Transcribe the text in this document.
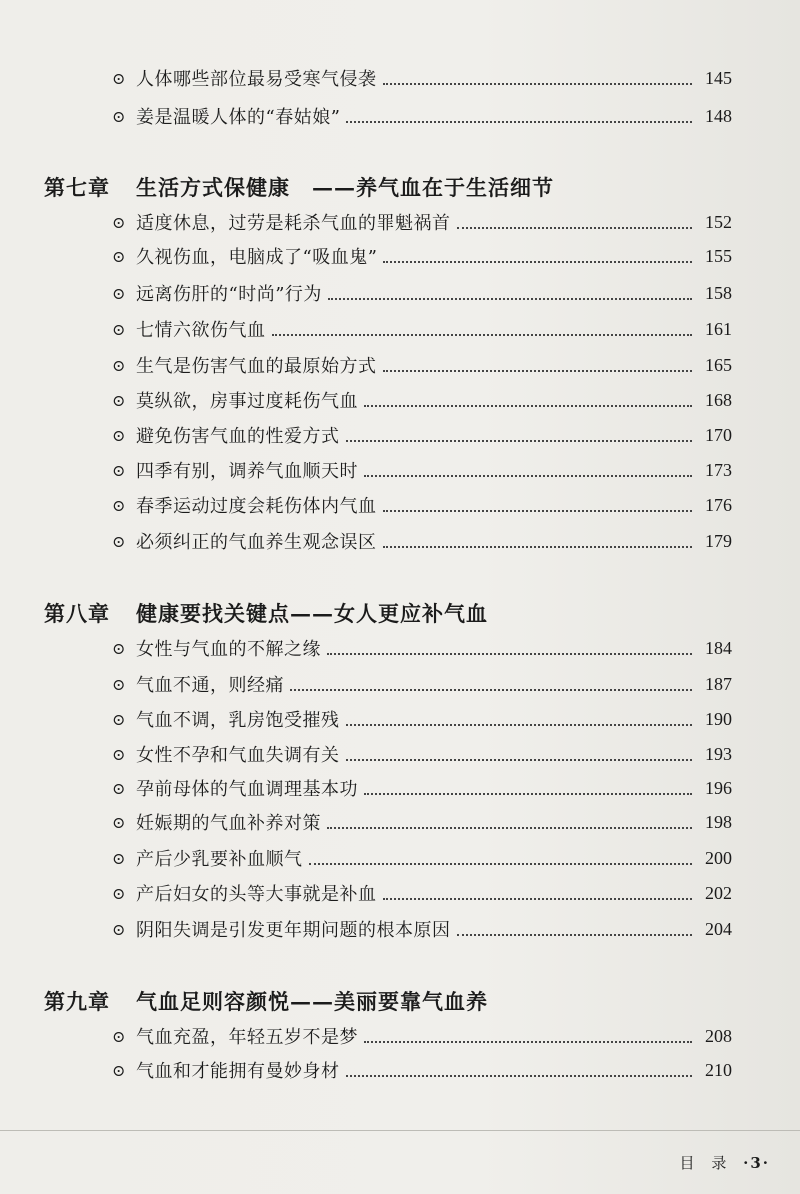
⊙ 人体哪些部位最易受寒气侵袭	145
⊙ 姜是温暖人体的“春姑娘”	148
第七章 生活方式保健康　——养气血在于生活细节
⊙ 适度休息，过劳是耗杀气血的罪魁祸首	152
⊙ 久视伤血，电脑成了“吸血鬼”	155
⊙ 远离伤肝的“时尚”行为	158
⊙ 七情六欲伤气血	161
⊙ 生气是伤害气血的最原始方式	165
⊙ 莫纵欲，房事过度耗伤气血	168
⊙ 避免伤害气血的性爱方式	170
⊙ 四季有别，调养气血顺天时	173
⊙ 春季运动过度会耗伤体内气血	176
⊙ 必须纠正的气血养生观念误区	179
第八章 健康要找关键点——女人更应补气血
⊙ 女性与气血的不解之缘	184
⊙ 气血不通，则经痛	187
⊙ 气血不调，乳房饱受摧残	190
⊙ 女性不孕和气血失调有关	193
⊙ 孕前母体的气血调理基本功	196
⊙ 妊娠期的气血补养对策	198
⊙ 产后少乳要补血顺气	200
⊙ 产后妇女的头等大事就是补血	202
⊙ 阴阳失调是引发更年期问题的根本原因	204
第九章 气血足则容颜悦——美丽要靠气血养
⊙ 气血充盈，年轻五岁不是梦	208
⊙ 气血和才能拥有曼妙身材	210
目 录 ·3·
